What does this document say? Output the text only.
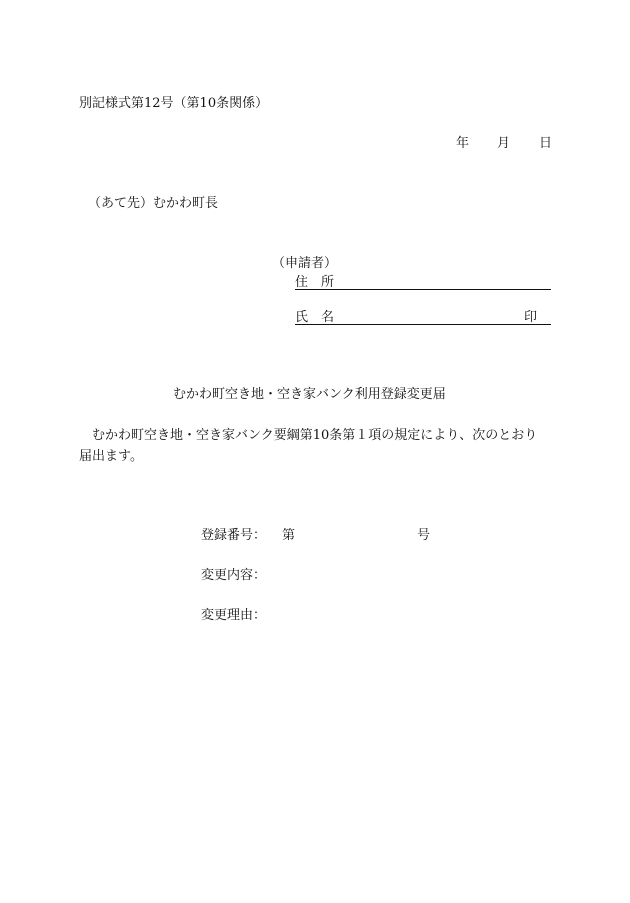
別記様式第12号（第10条関係）
年 月 日
（あて先）むかわ町長
（申請者）
住　所
氏　名	印
むかわ町空き地・空き家バンク利用登録変更届
むかわ町空き地・空き家バンク要綱第10条第１項の規定により、次のとおり
届出ます。
登録番号： 第	号
変更内容：
変更理由：
